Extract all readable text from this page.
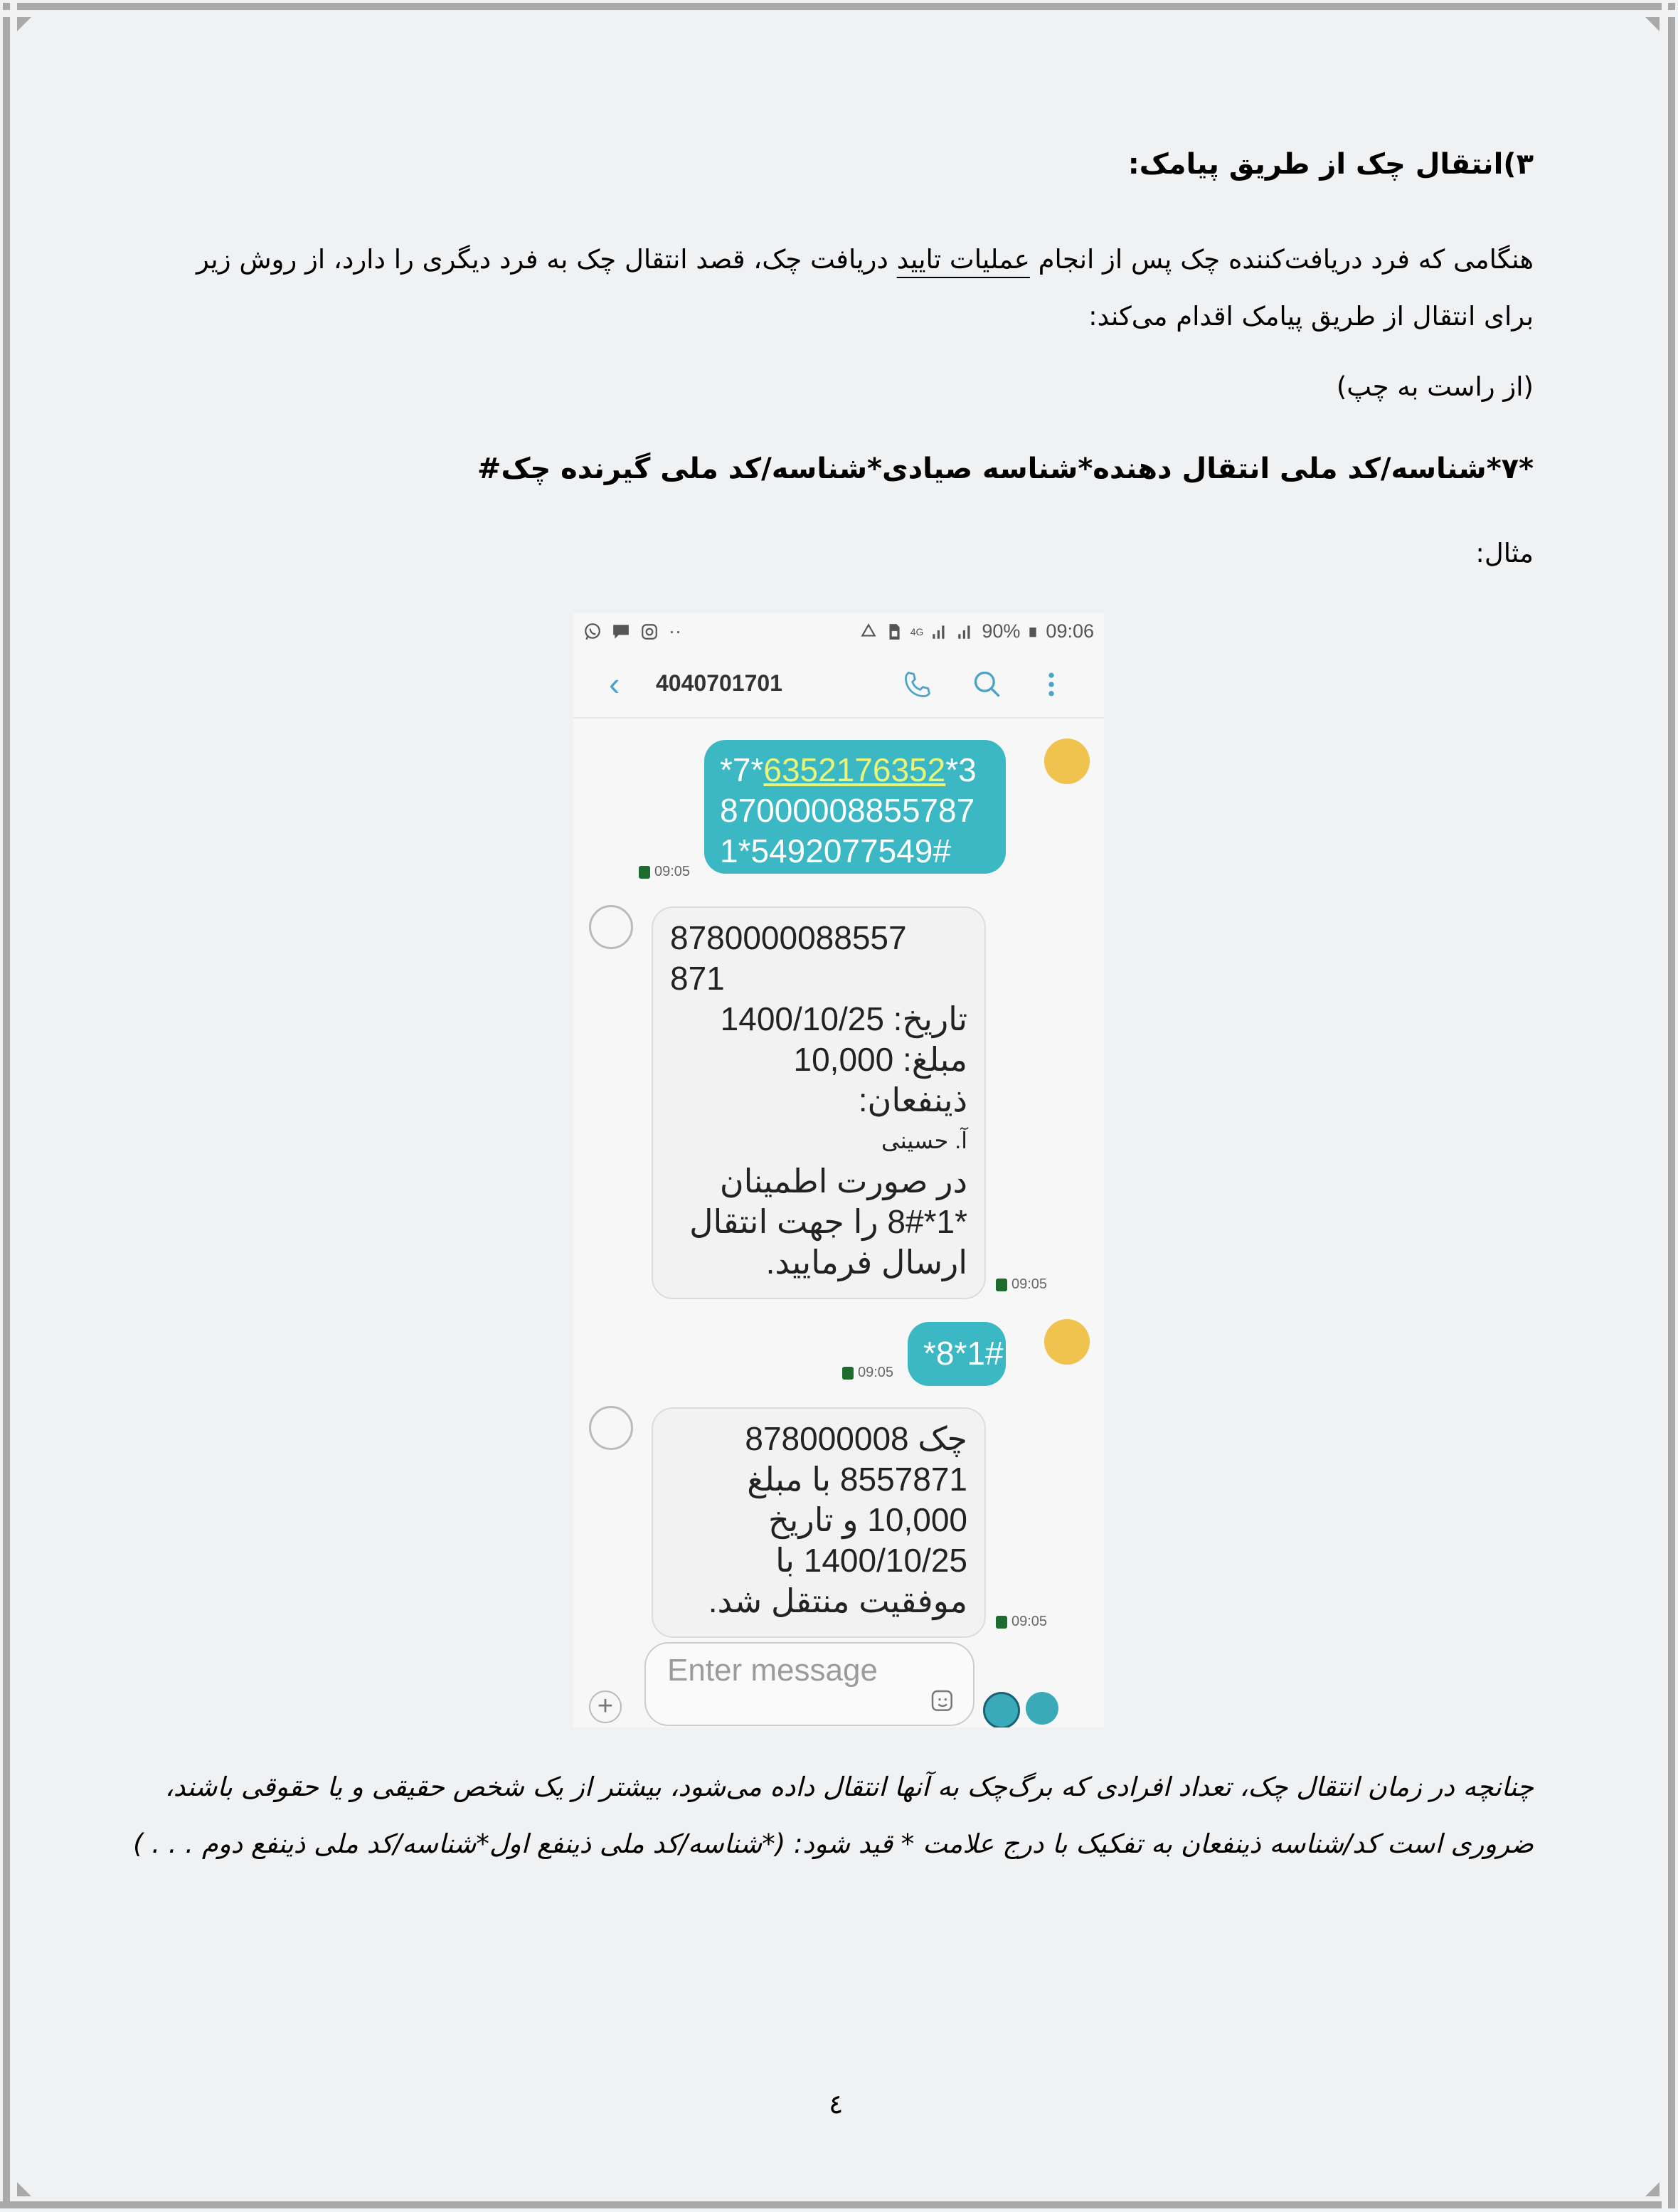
۳)انتقال چک از طریق پیامک:
هنگامی که فرد دریافت‌کننده چک پس از انجام عملیات تایید دریافت چک، قصد انتقال چک به فرد دیگری را دارد، از روش زیر برای انتقال از طریق پیامک اقدام می‌کند:
(از راست به چپ)
*۷*شناسه/کد ملی انتقال دهنده*شناسه صیادی*شناسه/کد ملی گیرنده چک#
مثال:
··	4G	90% 09:06
‹ 4040701701
*7*6352176352*3
87000008855787
1*5492077549#
09:05
8780000088557
871
تاریخ: 1400/10/25
مبلغ: 10,000
ذینفعان:
آ. حسینی
در صورت اطمینان
*1*8# را جهت انتقال
ارسال فرمایید.
09:05
*8*1#
09:05
چک 878000008
8557871 با مبلغ
10,000 و تاریخ
1400/10/25 با
موفقیت منتقل شد.
09:05
+
Enter message
چنانچه در زمان انتقال چک، تعداد افرادی که برگ‌چک به آنها انتقال داده می‌شود، بیشتر از یک شخص حقیقی و یا حقوقی باشند، ضروری است کد/شناسه ذینفعان به تفکیک با درج علامت * قید شود: (*شناسه/کد ملی ذینفع اول*شناسه/کد ملی ذینفع دوم . . . )
٤
